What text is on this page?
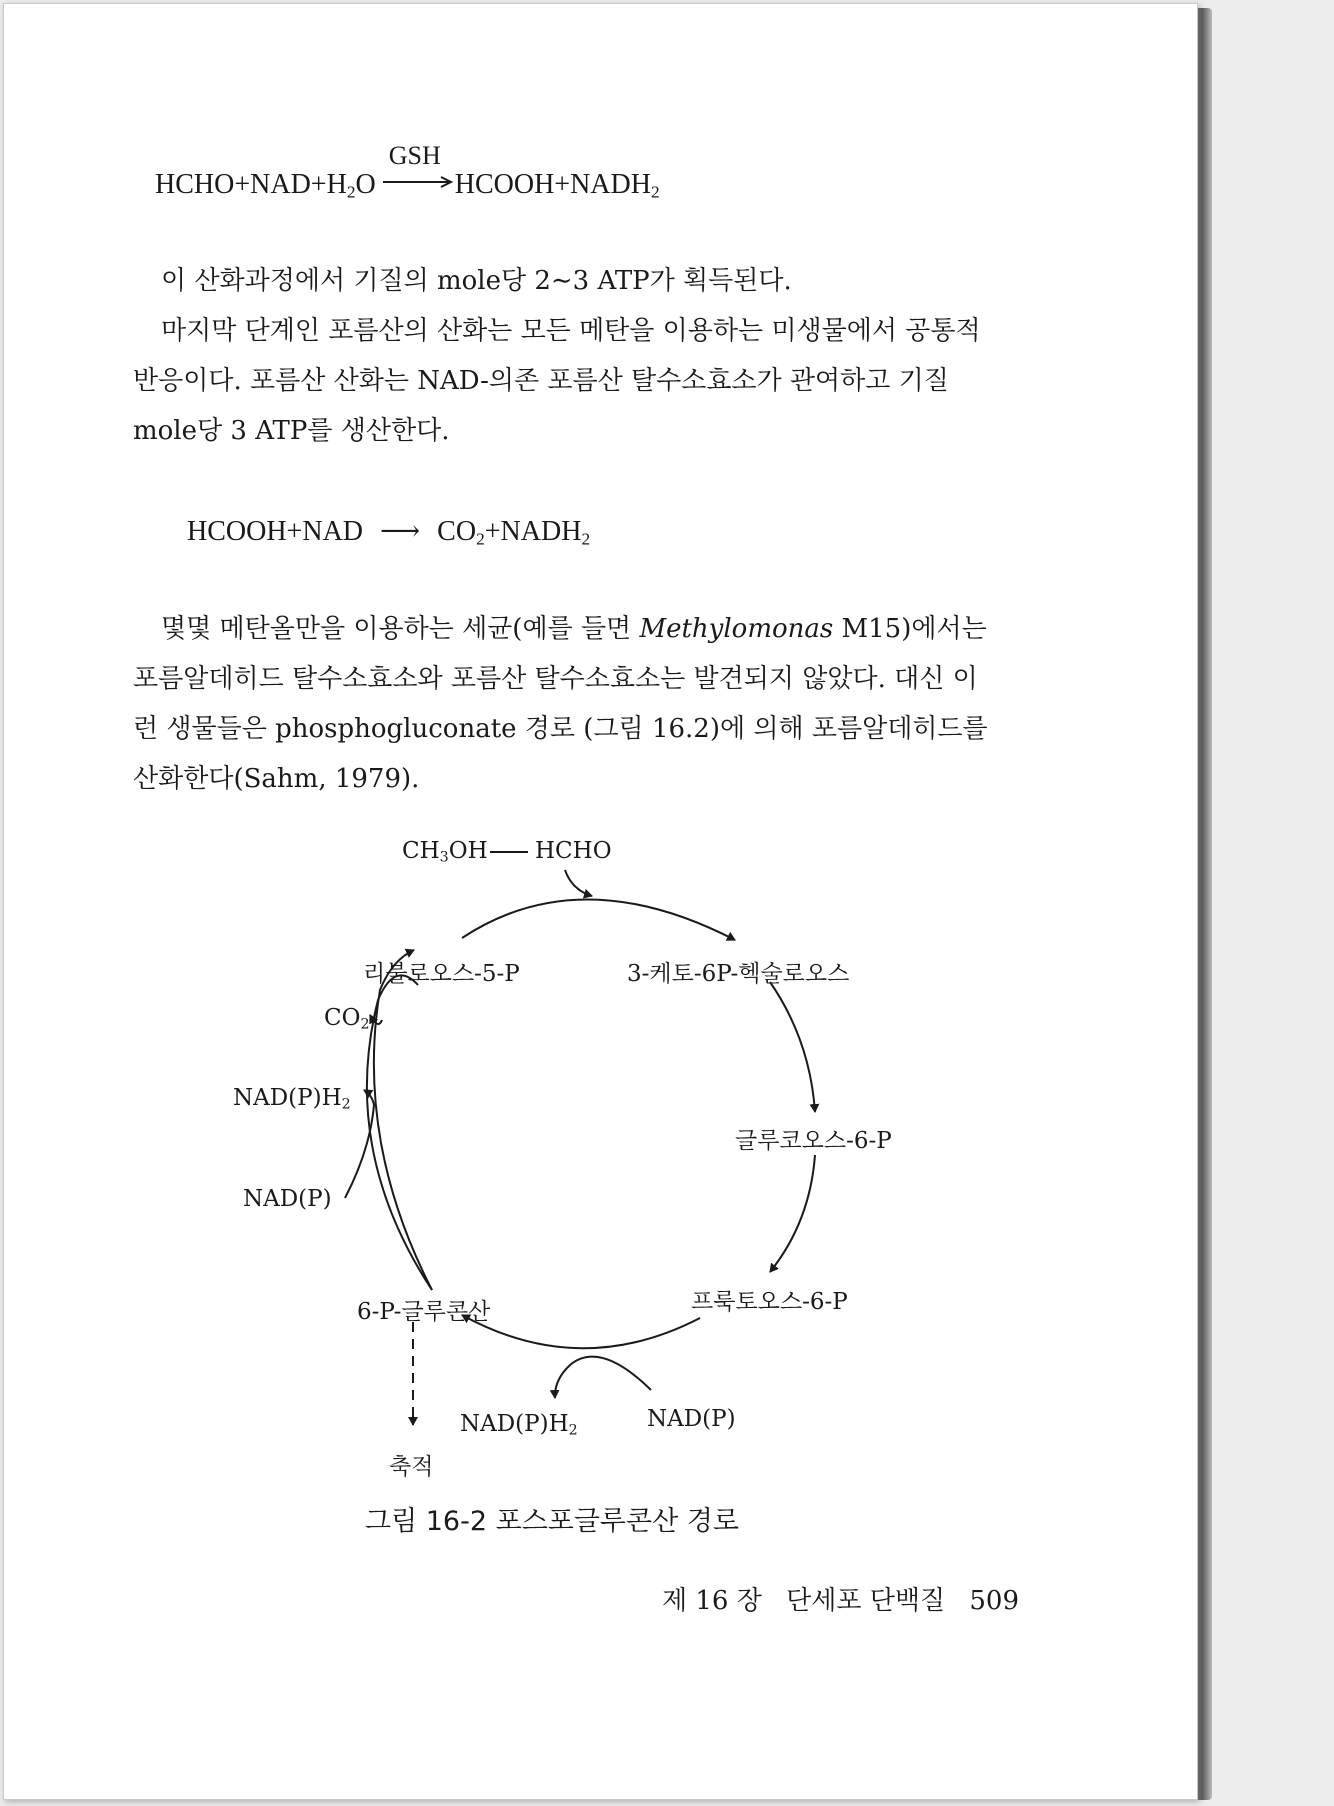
$HCHO+NAD+H_2O$
GSH
$HCOOH+NADH_2$

이 산화과정에서 기질의 mole당 2∼3 ATP가 획득된다.

마지막 단계인 포름산의 산화는 모든 메탄을 이용하는 미생물에서 공통적 반응이다. 포름산 산화는 NAD-의존 포름산 탈수소효소가 관여하고 기질 mole당 3 ATP를 생산한다.

HCOOH+NAD ⟶ $CO_2+NADH_2$

몇몇 메탄올만을 이용하는 세균(예를 들면 Methylomonas M15)에서는 포름알데히드 탈수소효소와 포름산 탈수소효소는 발견되지 않았다. 대신 이런 생물들은 phosphogluconate 경로 (그림 16.2)에 의해 포름알데히드를 산화한다(Sahm, 1979).

$CH_3OH$ HCHO
리불로오스-5-P	3-케토-6P-헥술로오스
글루코오스-6-P
프룩토오스-6-P
6-P-글루콘산
$CO_2$
$NAD(P)H_2$
NAD(P)
$NAD(P)H_2$	NAD(P)
축적
그림 16-2 포스포글루콘산 경로
제 16 장 단세포 단백질 509
